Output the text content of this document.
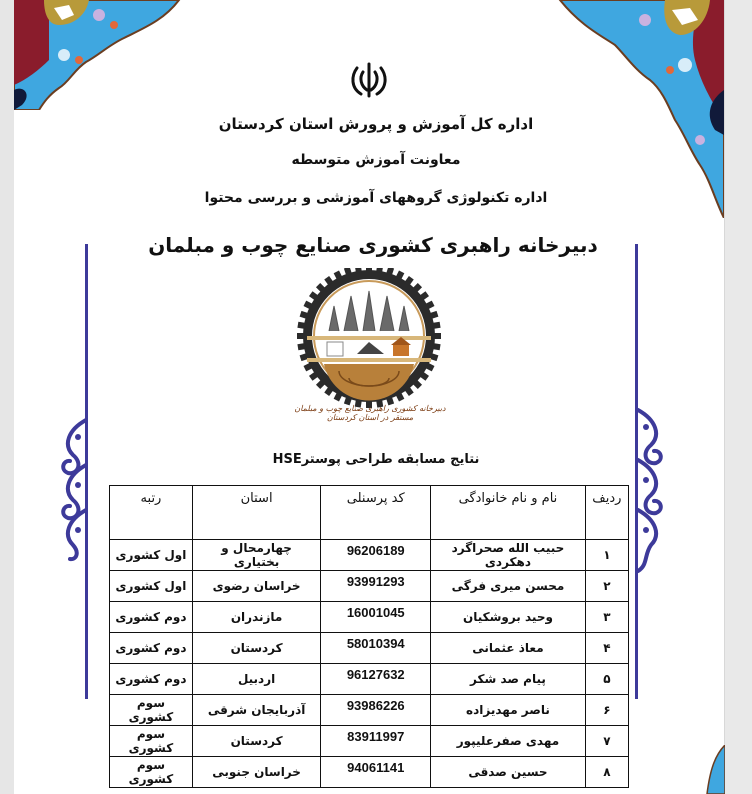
اداره کل آموزش و پرورش استان کردستان
معاونت آموزش متوسطه
اداره تکنولوژی گروههای آموزشی و بررسی محتوا
دبیرخانه راهبری کشوری صنایع چوب و مبلمان
دبیرخانه کشوری راهبری صنایع چوب و مبلمان مستقر در استان کردستان
نتایج مسابقه طراحی پوسترHSE
ردیف	نام و نام خانوادگی	کد پرسنلی	استان	رتبه
۱	حبیب الله صحراگرد دهکردی	96206189	چهارمحال و بختیاری	اول کشوری
۲	محسن میری فرگی	93991293	خراسان رضوی	اول کشوری
۳	وحید بروشکیان	16001045	مازندران	دوم کشوری
۴	معاذ عثمانی	58010394	کردستان	دوم کشوری
۵	پیام صد شکر	96127632	اردبیل	دوم کشوری
۶	ناصر مهدیزاده	93986226	آذربایجان شرقی	سوم کشوری
۷	مهدی صفرعلیپور	83911997	کردستان	سوم کشوری
۸	حسین صدقی	94061141	خراسان جنوبی	سوم کشوری
